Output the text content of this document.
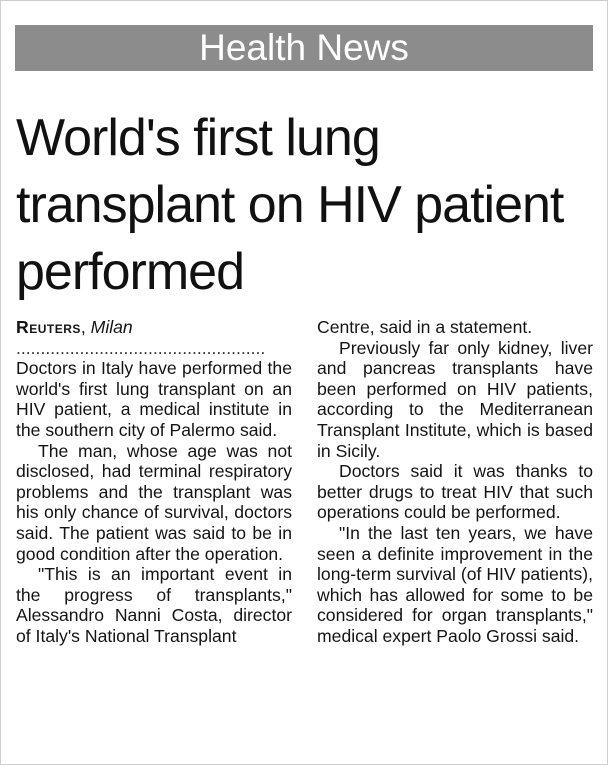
Health News
World's first lung transplant on HIV patient performed

Reuters, Milan

...................................................

Doctors in Italy have performed the world's first lung transplant on an HIV patient, a medical institute in the southern city of Palermo said.

The man, whose age was not disclosed, had terminal respiratory problems and the transplant was his only chance of survival, doctors said. The patient was said to be in good condition after the operation.

"This is an important event in the progress of transplants," Alessandro Nanni Costa, director of Italy's National Transplant

Centre, said in a statement.

Previously far only kidney, liver and pancreas transplants have been performed on HIV patients, according to the Mediterranean Transplant Institute, which is based in Sicily.

Doctors said it was thanks to better drugs to treat HIV that such operations could be performed.

"In the last ten years, we have seen a definite improvement in the long-term survival (of HIV patients), which has allowed for some to be considered for organ transplants," medical expert Paolo Grossi said.
